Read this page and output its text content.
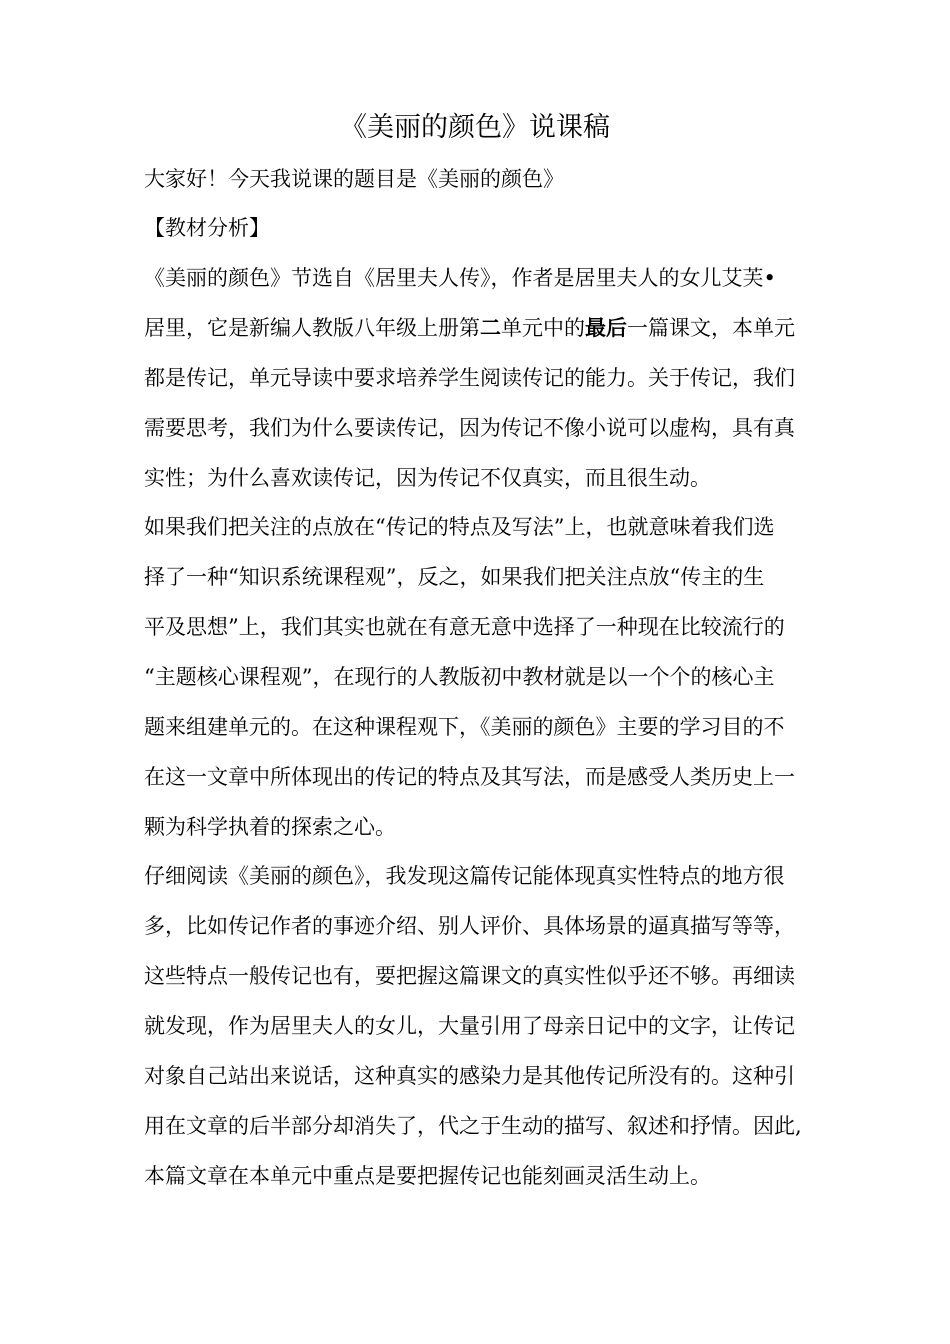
《美丽的颜色》说课稿
大家好！今天我说课的题目是《美丽的颜色》
【教材分析】
《美丽的颜色》节选自《居里夫人传》，作者是居里夫人的女儿艾芙•
居里，它是新编人教版八年级上册第二单元中的最后一篇课文，本单元
都是传记，单元导读中要求培养学生阅读传记的能力。关于传记，我们
需要思考，我们为什么要读传记，因为传记不像小说可以虚构，具有真
实性；为什么喜欢读传记，因为传记不仅真实，而且很生动。
如果我们把关注的点放在“传记的特点及写法”上，也就意味着我们选
择了一种“知识系统课程观”，反之，如果我们把关注点放“传主的生
平及思想”上，我们其实也就在有意无意中选择了一种现在比较流行的
“主题核心课程观”，在现行的人教版初中教材就是以一个个的核心主
题来组建单元的。在这种课程观下，《美丽的颜色》主要的学习目的不
在这一文章中所体现出的传记的特点及其写法，而是感受人类历史上一
颗为科学执着的探索之心。
仔细阅读《美丽的颜色》，我发现这篇传记能体现真实性特点的地方很
多，比如传记作者的事迹介绍、别人评价、具体场景的逼真描写等等，
这些特点一般传记也有，要把握这篇课文的真实性似乎还不够。再细读
就发现，作为居里夫人的女儿，大量引用了母亲日记中的文字，让传记
对象自己站出来说话，这种真实的感染力是其他传记所没有的。这种引
用在文章的后半部分却消失了，代之于生动的描写、叙述和抒情。因此,
本篇文章在本单元中重点是要把握传记也能刻画灵活生动上。
